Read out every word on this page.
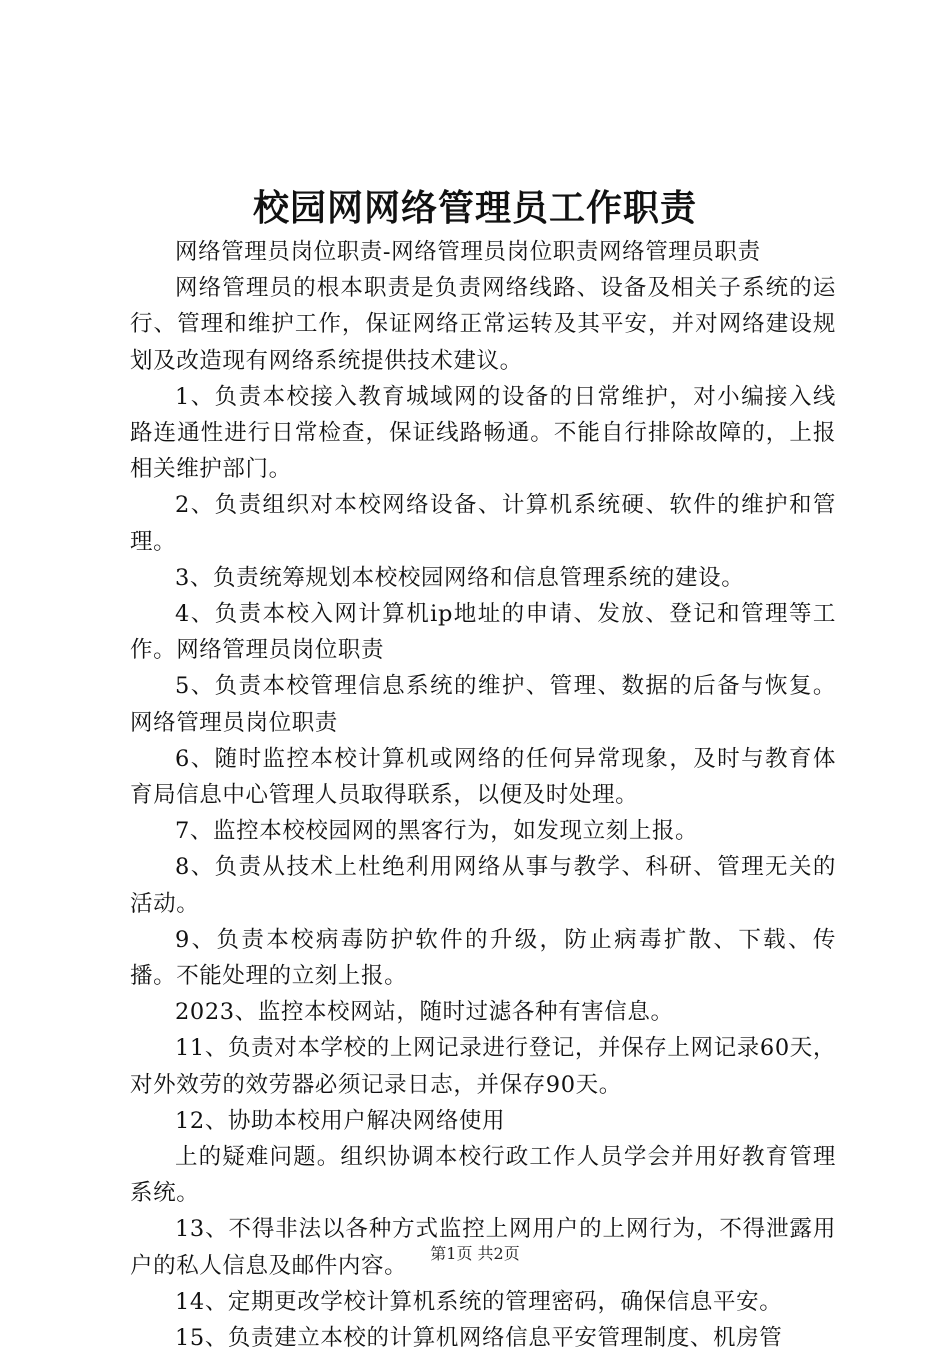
校园网网络管理员工作职责

网络管理员岗位职责-网络管理员岗位职责网络管理员职责

网络管理员的根本职责是负责网络线路、设备及相关子系统的运行、管理和维护工作，保证网络正常运转及其平安，并对网络建设规划及改造现有网络系统提供技术建议。

1、负责本校接入教育城域网的设备的日常维护，对小编接入线路连通性进行日常检查，保证线路畅通。不能自行排除故障的，上报相关维护部门。

2、负责组织对本校网络设备、计算机系统硬、软件的维护和管理。

3、负责统筹规划本校校园网络和信息管理系统的建设。

4、负责本校入网计算机ip地址的申请、发放、登记和管理等工作。网络管理员岗位职责

5、负责本校管理信息系统的维护、管理、数据的后备与恢复。网络管理员岗位职责

6、随时监控本校计算机或网络的任何异常现象，及时与教育体育局信息中心管理人员取得联系，以便及时处理。

7、监控本校校园网的黑客行为，如发现立刻上报。

8、负责从技术上杜绝利用网络从事与教学、科研、管理无关的活动。

9、负责本校病毒防护软件的升级，防止病毒扩散、下载、传播。不能处理的立刻上报。

2023、监控本校网站，随时过滤各种有害信息。

11、负责对本学校的上网记录进行登记，并保存上网记录60天，对外效劳的效劳器必须记录日志，并保存90天。

12、协助本校用户解决网络使用

上的疑难问题。组织协调本校行政工作人员学会并用好教育管理系统。

13、不得非法以各种方式监控上网用户的上网行为，不得泄露用户的私人信息及邮件内容。

14、定期更改学校计算机系统的管理密码，确保信息平安。

15、负责建立本校的计算机网络信息平安管理制度、机房管

第1页 共2页
